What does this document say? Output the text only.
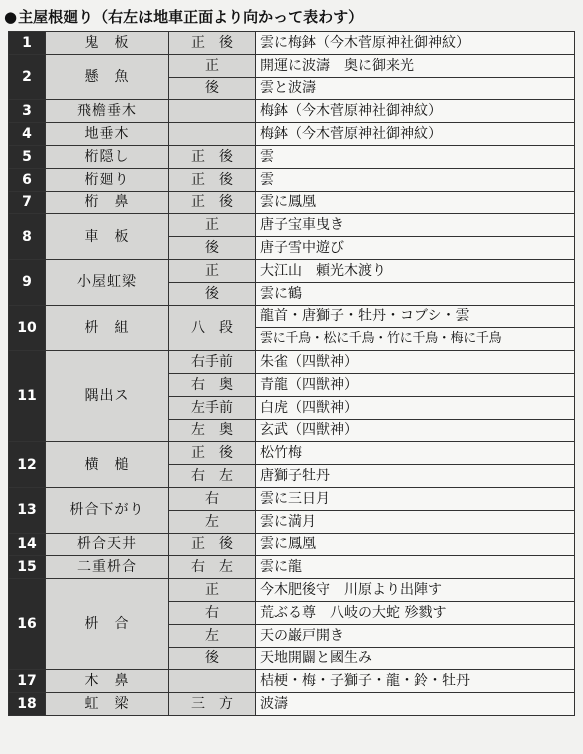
●主屋根廻り（右左は地車正面より向かって表わす）
1	鬼　板	正　後	雲に梅鉢（今木菅原神社御神紋）
2	懸　魚	正	開運に波濤　奥に御来光
		後	雲と波濤
3	飛檐垂木		梅鉢（今木菅原神社御神紋）
4	地垂木		梅鉢（今木菅原神社御神紋）
5	桁隠し	正　後	雲
6	桁廻り	正　後	雲
7	桁　鼻	正　後	雲に鳳凰
8	車　板	正	唐子宝車曳き
		後	唐子雪中遊び
9	小屋虹梁	正	大江山　頼光木渡り
		後	雲に鶴
10	枡　組	八　段	龍首・唐獅子・牡丹・コブシ・雲
			雲に千鳥・松に千鳥・竹に千鳥・梅に千鳥
11	隅出ス	右手前	朱雀（四獣神）
		右　奥	青龍（四獣神）
		左手前	白虎（四獣神）
		左　奥	玄武（四獣神）
12	横　槌	正　後	松竹梅
		右　左	唐獅子牡丹
13	枡合下がり	右	雲に三日月
		左	雲に満月
14	枡合天井	正　後	雲に鳳凰
15	二重枡合	右　左	雲に龍
16	枡　合	正	今木肥後守　川原より出陣す
		右	荒ぶる尊　八岐の大蛇 殄戮す
		左	天の巌戸開き
		後	天地開闢と國生み
17	木　鼻		桔梗・梅・子獅子・龍・鈴・牡丹
18	虹　梁	三　方	波濤
